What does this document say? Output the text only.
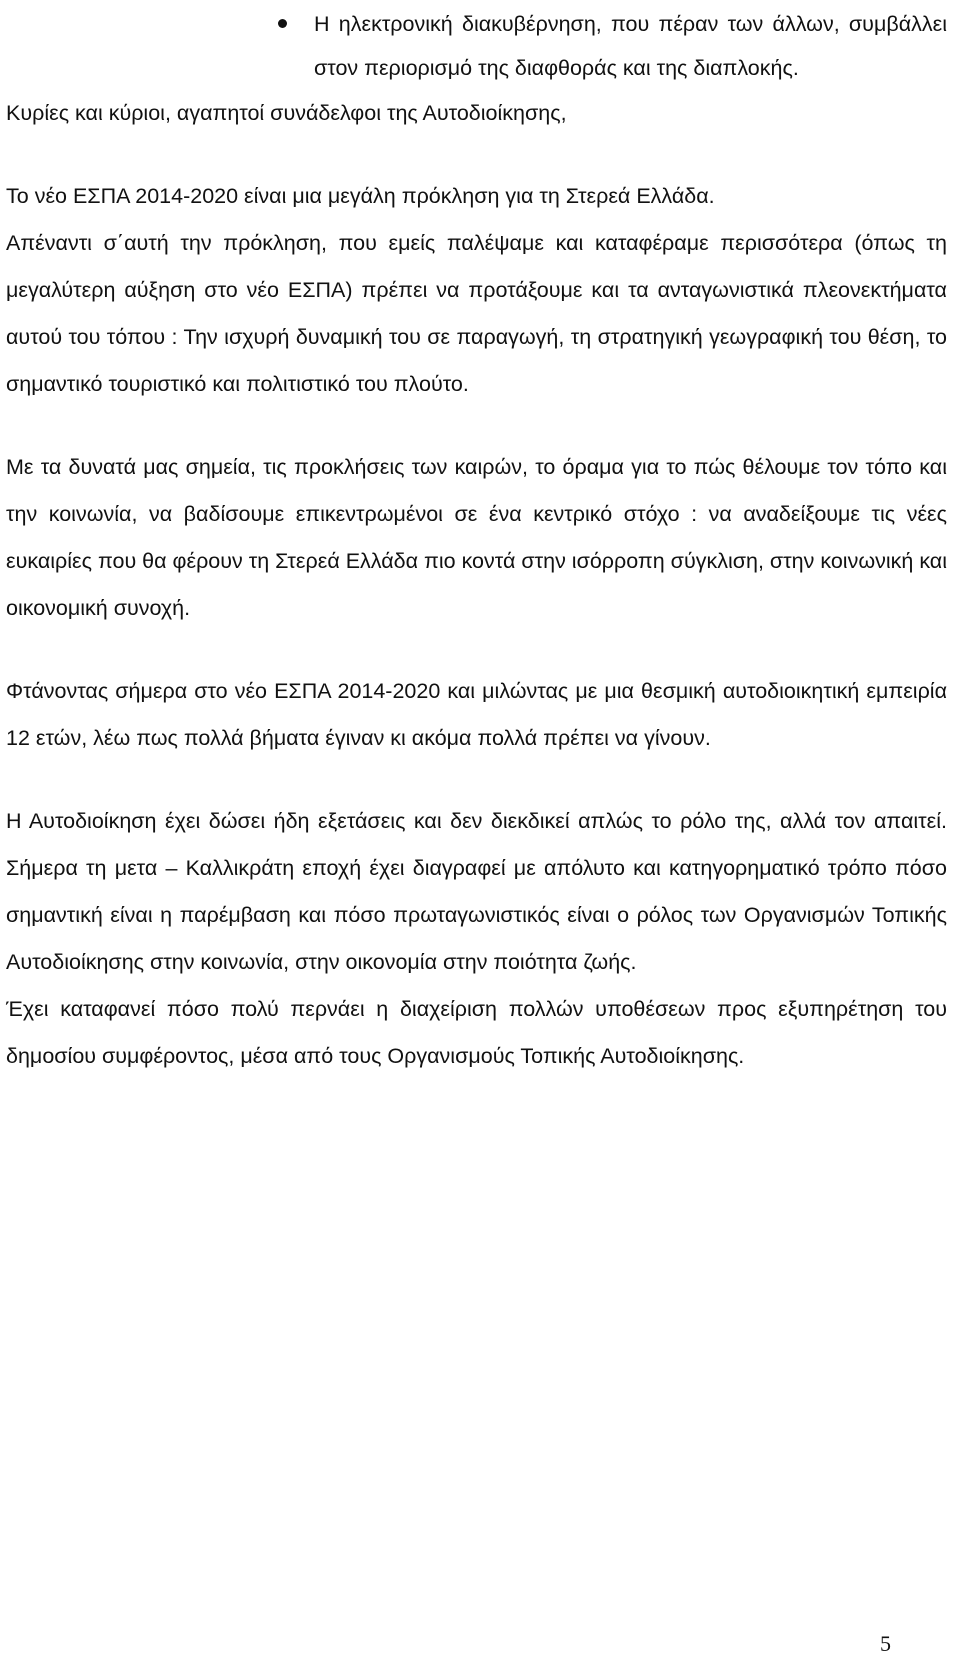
Η ηλεκτρονική διακυβέρνηση, που πέραν των άλλων, συμβάλλει στον περιορισμό της διαφθοράς και της διαπλοκής.

Κυρίες και κύριοι, αγαπητοί συνάδελφοι της Αυτοδιοίκησης,

Το νέο ΕΣΠΑ 2014-2020 είναι μια μεγάλη πρόκληση για τη Στερεά Ελλάδα.

Απέναντι σ΄αυτή την πρόκληση, που εμείς παλέψαμε και καταφέραμε περισσότερα (όπως τη μεγαλύτερη αύξηση στο νέο ΕΣΠΑ) πρέπει να προτάξουμε και τα ανταγωνιστικά πλεονεκτήματα αυτού του τόπου : Την ισχυρή δυναμική του σε παραγωγή, τη στρατηγική γεωγραφική του θέση, το σημαντικό τουριστικό και πολιτιστικό του πλούτο.

Με τα δυνατά μας σημεία, τις προκλήσεις των καιρών, το όραμα για το πώς θέλουμε τον τόπο και την κοινωνία, να βαδίσουμε επικεντρωμένοι σε ένα κεντρικό στόχο : να αναδείξουμε τις νέες ευκαιρίες που θα φέρουν τη Στερεά Ελλάδα πιο κοντά στην ισόρροπη σύγκλιση, στην κοινωνική και οικονομική συνοχή.

Φτάνοντας σήμερα στο νέο ΕΣΠΑ 2014-2020 και μιλώντας με μια θεσμική αυτοδιοικητική εμπειρία 12 ετών, λέω πως πολλά βήματα έγιναν κι ακόμα πολλά πρέπει να γίνουν.

Η Αυτοδιοίκηση έχει δώσει ήδη εξετάσεις και δεν διεκδικεί απλώς το ρόλο της, αλλά τον απαιτεί. Σήμερα τη μετα – Καλλικράτη εποχή έχει διαγραφεί με απόλυτο και κατηγορηματικό τρόπο πόσο σημαντική είναι η παρέμβαση και πόσο πρωταγωνιστικός είναι ο ρόλος των Οργανισμών Τοπικής Αυτοδιοίκησης στην κοινωνία, στην οικονομία στην ποιότητα ζωής.

Έχει καταφανεί πόσο πολύ περνάει η διαχείριση πολλών υποθέσεων προς εξυπηρέτηση του δημοσίου συμφέροντος, μέσα από τους Οργανισμούς Τοπικής Αυτοδιοίκησης.

5
